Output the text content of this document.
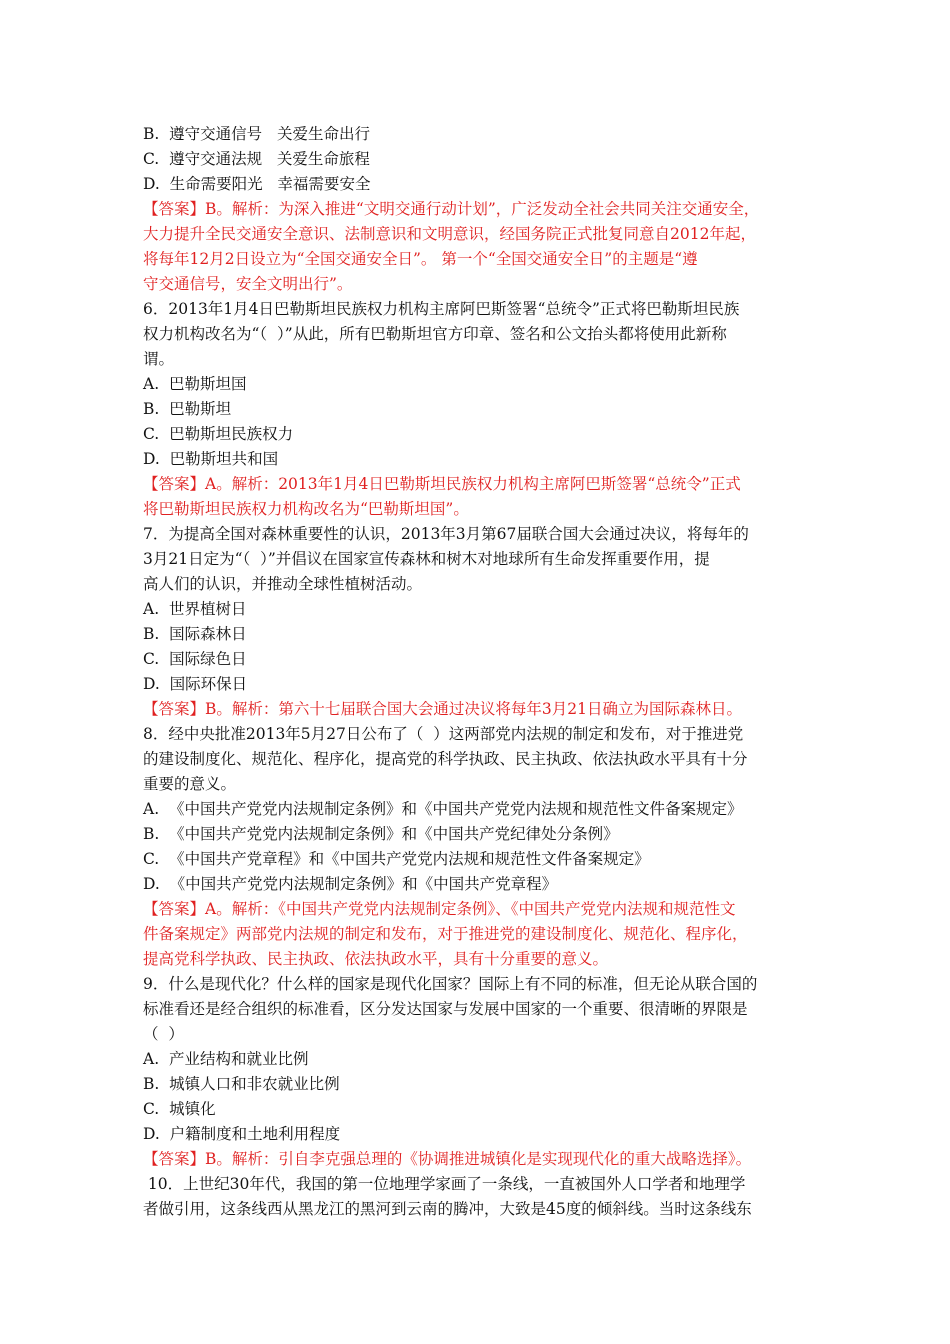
B.  遵守交通信号   关爱生命出行
C.  遵守交通法规   关爱生命旅程
D.  生命需要阳光   幸福需要安全
【答案】B。解析：为深入推进“文明交通行动计划”，广泛发动全社会共同关注交通安全，
大力提升全民交通安全意识、法制意识和文明意识，经国务院正式批复同意自2012年起，
将每年12月2日设立为“全国交通安全日”。 第一个“全国交通安全日”的主题是“遵
守交通信号，安全文明出行”。
6．2013年1月4日巴勒斯坦民族权力机构主席阿巴斯签署“总统令”正式将巴勒斯坦民族
权力机构改名为“（  ）”从此，所有巴勒斯坦官方印章、签名和公文抬头都将使用此新称
谓。
A.  巴勒斯坦国
B.  巴勒斯坦
C.  巴勒斯坦民族权力
D.  巴勒斯坦共和国
【答案】A。解析：2013年1月4日巴勒斯坦民族权力机构主席阿巴斯签署“总统令”正式
将巴勒斯坦民族权力机构改名为“巴勒斯坦国”。
7．为提高全国对森林重要性的认识，2013年3月第67届联合国大会通过决议，将每年的
3月21日定为“（  ）”并倡议在国家宣传森林和树木对地球所有生命发挥重要作用，提
高人们的认识，并推动全球性植树活动。
A.  世界植树日
B.  国际森林日
C.  国际绿色日
D.  国际环保日
【答案】B。解析：第六十七届联合国大会通过决议将每年3月21日确立为国际森林日。
8．经中央批准2013年5月27日公布了（  ）这两部党内法规的制定和发布，对于推进党
的建设制度化、规范化、程序化，提高党的科学执政、民主执政、依法执政水平具有十分
重要的意义。
A.  《中国共产党党内法规制定条例》和《中国共产党党内法规和规范性文件备案规定》
B.  《中国共产党党内法规制定条例》和《中国共产党纪律处分条例》
C.  《中国共产党章程》和《中国共产党党内法规和规范性文件备案规定》
D.  《中国共产党党内法规制定条例》和《中国共产党章程》
【答案】A。解析：《中国共产党党内法规制定条例》、《中国共产党党内法规和规范性文
件备案规定》两部党内法规的制定和发布，对于推进党的建设制度化、规范化、程序化，
提高党科学执政、民主执政、依法执政水平，具有十分重要的意义。
9．什么是现代化？什么样的国家是现代化国家？国际上有不同的标准，但无论从联合国的
标准看还是经合组织的标准看，区分发达国家与发展中国家的一个重要、很清晰的界限是
（  ）
A.  产业结构和就业比例
B.  城镇人口和非农就业比例
C.  城镇化
D.  户籍制度和土地利用程度
【答案】B。解析：引自李克强总理的《协调推进城镇化是实现现代化的重大战略选择》。
10．上世纪30年代，我国的第一位地理学家画了一条线，一直被国外人口学者和地理学
者做引用，这条线西从黑龙江的黑河到云南的腾冲，大致是45度的倾斜线。当时这条线东
